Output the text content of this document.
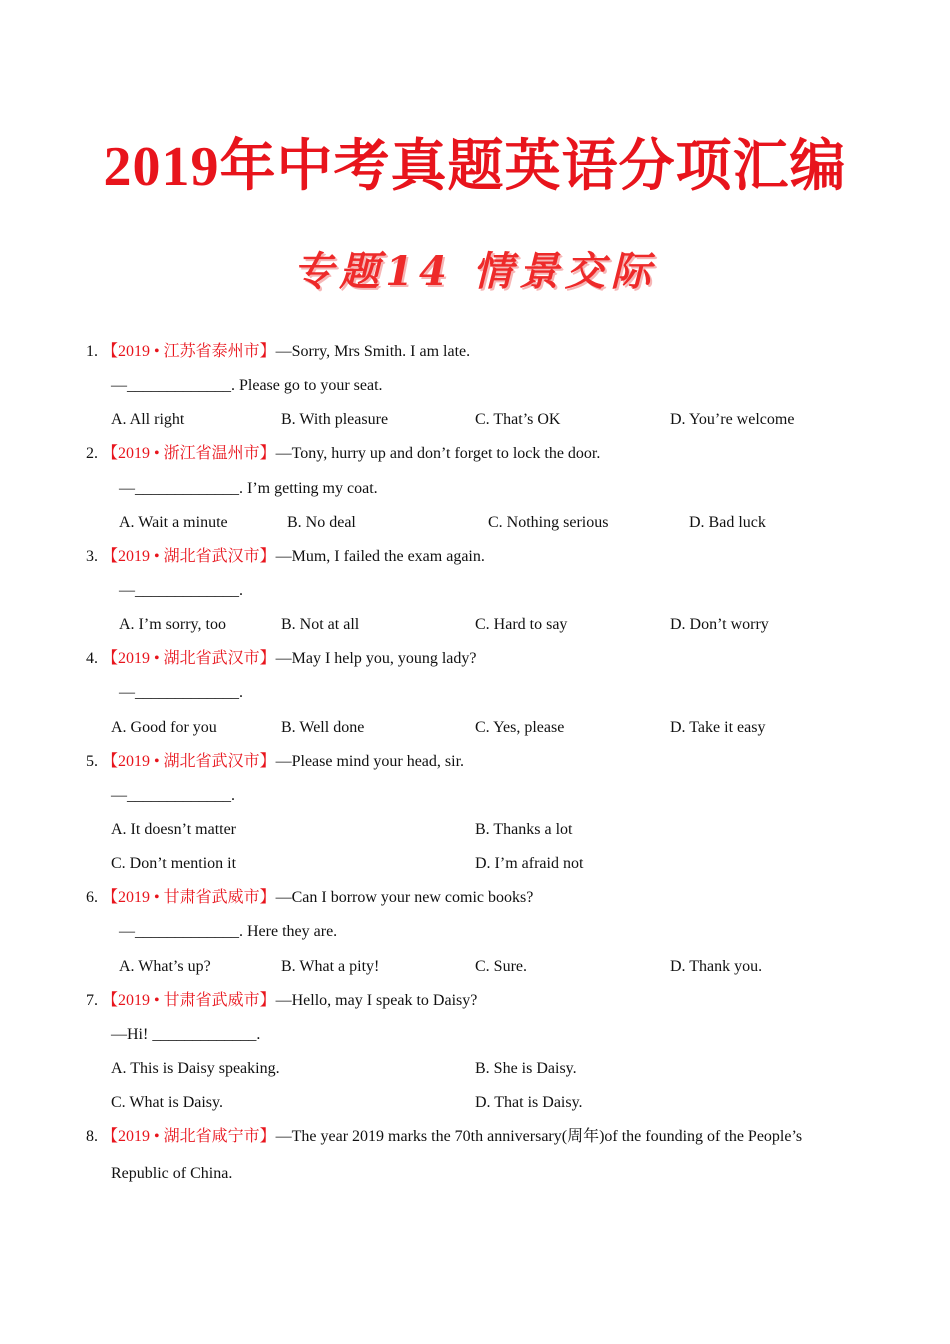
2019年中考真题英语分项汇编
专题14 情景交际
1. 【2019 • 江苏省泰州市】—Sorry, Mrs Smith. I am late.
—_____________. Please go to your seat.
A. All right	B. With pleasure	C. That’s OK	D. You’re welcome
2. 【2019 • 浙江省温州市】—Tony, hurry up and don’t forget to lock the door.
—_____________. I’m getting my coat.
A. Wait a minute	B. No deal	C. Nothing serious	D. Bad luck
3. 【2019 • 湖北省武汉市】—Mum, I failed the exam again.
—_____________.
A. I’m sorry, too	B. Not at all	C. Hard to say	D. Don’t worry
4. 【2019 • 湖北省武汉市】—May I help you, young lady?
—_____________.
A. Good for you	B. Well done	C. Yes, please	D. Take it easy
5. 【2019 • 湖北省武汉市】—Please mind your head, sir.
—_____________.
A. It doesn’t matter	B. Thanks a lot
C. Don’t mention it	D. I’m afraid not
6. 【2019 • 甘肃省武威市】—Can I borrow your new comic books?
—_____________. Here they are.
A. What’s up?	B. What a pity!	C. Sure.	D. Thank you.
7. 【2019 • 甘肃省武威市】—Hello, may I speak to Daisy?
—Hi! _____________.
A. This is Daisy speaking.	B. She is Daisy.
C. What is Daisy.	D. That is Daisy.
8. 【2019 • 湖北省咸宁市】—The year 2019 marks the 70th anniversary(周年)of the founding of the People’s
Republic of China.
